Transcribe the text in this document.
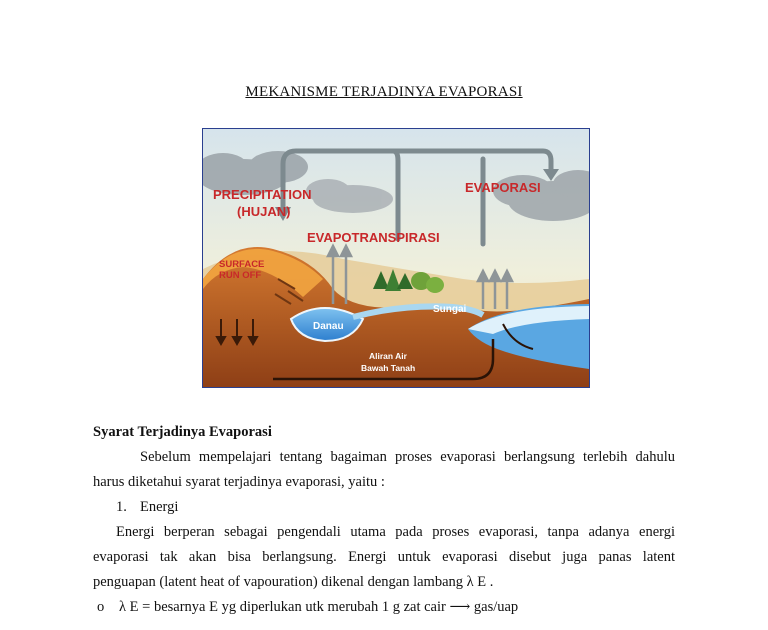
MEKANISME TERJADINYA EVAPORASI
PRECIPITATION
(HUJAN)
EVAPORASI
EVAPOTRANSPIRASI
SURFACE
RUN OFF
Danau
Sungai
Aliran Air
Bawah Tanah
Syarat Terjadinya Evaporasi
Sebelum mempelajari tentang bagaiman proses evaporasi berlangsung terlebih dahulu
harus diketahui syarat terjadinya evaporasi, yaitu :
1. Energi
Energi berperan sebagai pengendali utama pada proses evaporasi, tanpa adanya energi
evaporasi tak akan bisa berlangsung. Energi untuk evaporasi disebut juga panas latent
penguapan (latent heat of vapouration) dikenal dengan lambang λ E .
o λ E = besarnya E yg diperlukan utk merubah 1 g zat cair ⟶ gas/uap
